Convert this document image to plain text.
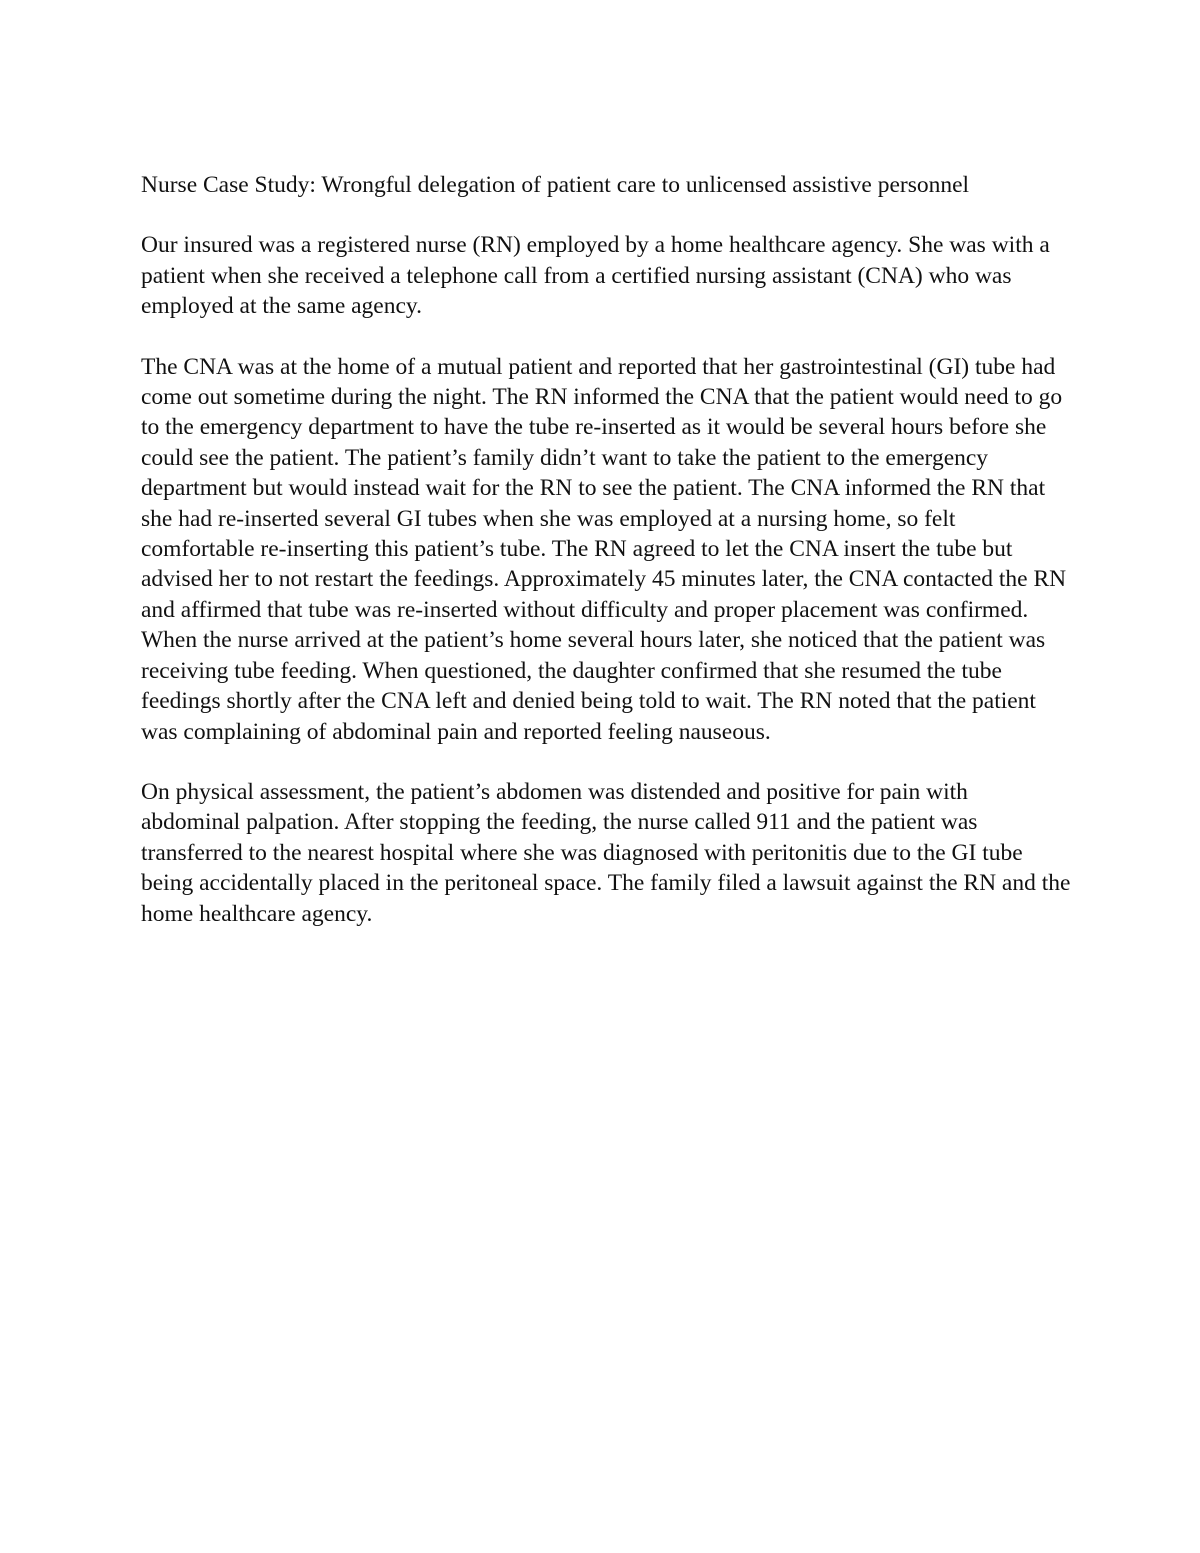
Nurse Case Study: Wrongful delegation of patient care to unlicensed assistive personnel

Our insured was a registered nurse (RN) employed by a home healthcare agency. She was with a patient when she received a telephone call from a certified nursing assistant (CNA) who was employed at the same agency.

The CNA was at the home of a mutual patient and reported that her gastrointestinal (GI) tube had come out sometime during the night. The RN informed the CNA that the patient would need to go to the emergency department to have the tube re-inserted as it would be several hours before she could see the patient. The patient’s family didn’t want to take the patient to the emergency department but would instead wait for the RN to see the patient. The CNA informed the RN that she had re-inserted several GI tubes when she was employed at a nursing home, so felt comfortable re-inserting this patient’s tube. The RN agreed to let the CNA insert the tube but advised her to not restart the feedings. Approximately 45 minutes later, the CNA contacted the RN and affirmed that tube was re-inserted without difficulty and proper placement was confirmed. When the nurse arrived at the patient’s home several hours later, she noticed that the patient was receiving tube feeding. When questioned, the daughter confirmed that she resumed the tube feedings shortly after the CNA left and denied being told to wait. The RN noted that the patient was complaining of abdominal pain and reported feeling nauseous.

On physical assessment, the patient’s abdomen was distended and positive for pain with abdominal palpation. After stopping the feeding, the nurse called 911 and the patient was transferred to the nearest hospital where she was diagnosed with peritonitis due to the GI tube being accidentally placed in the peritoneal space. The family filed a lawsuit against the RN and the home healthcare agency.
